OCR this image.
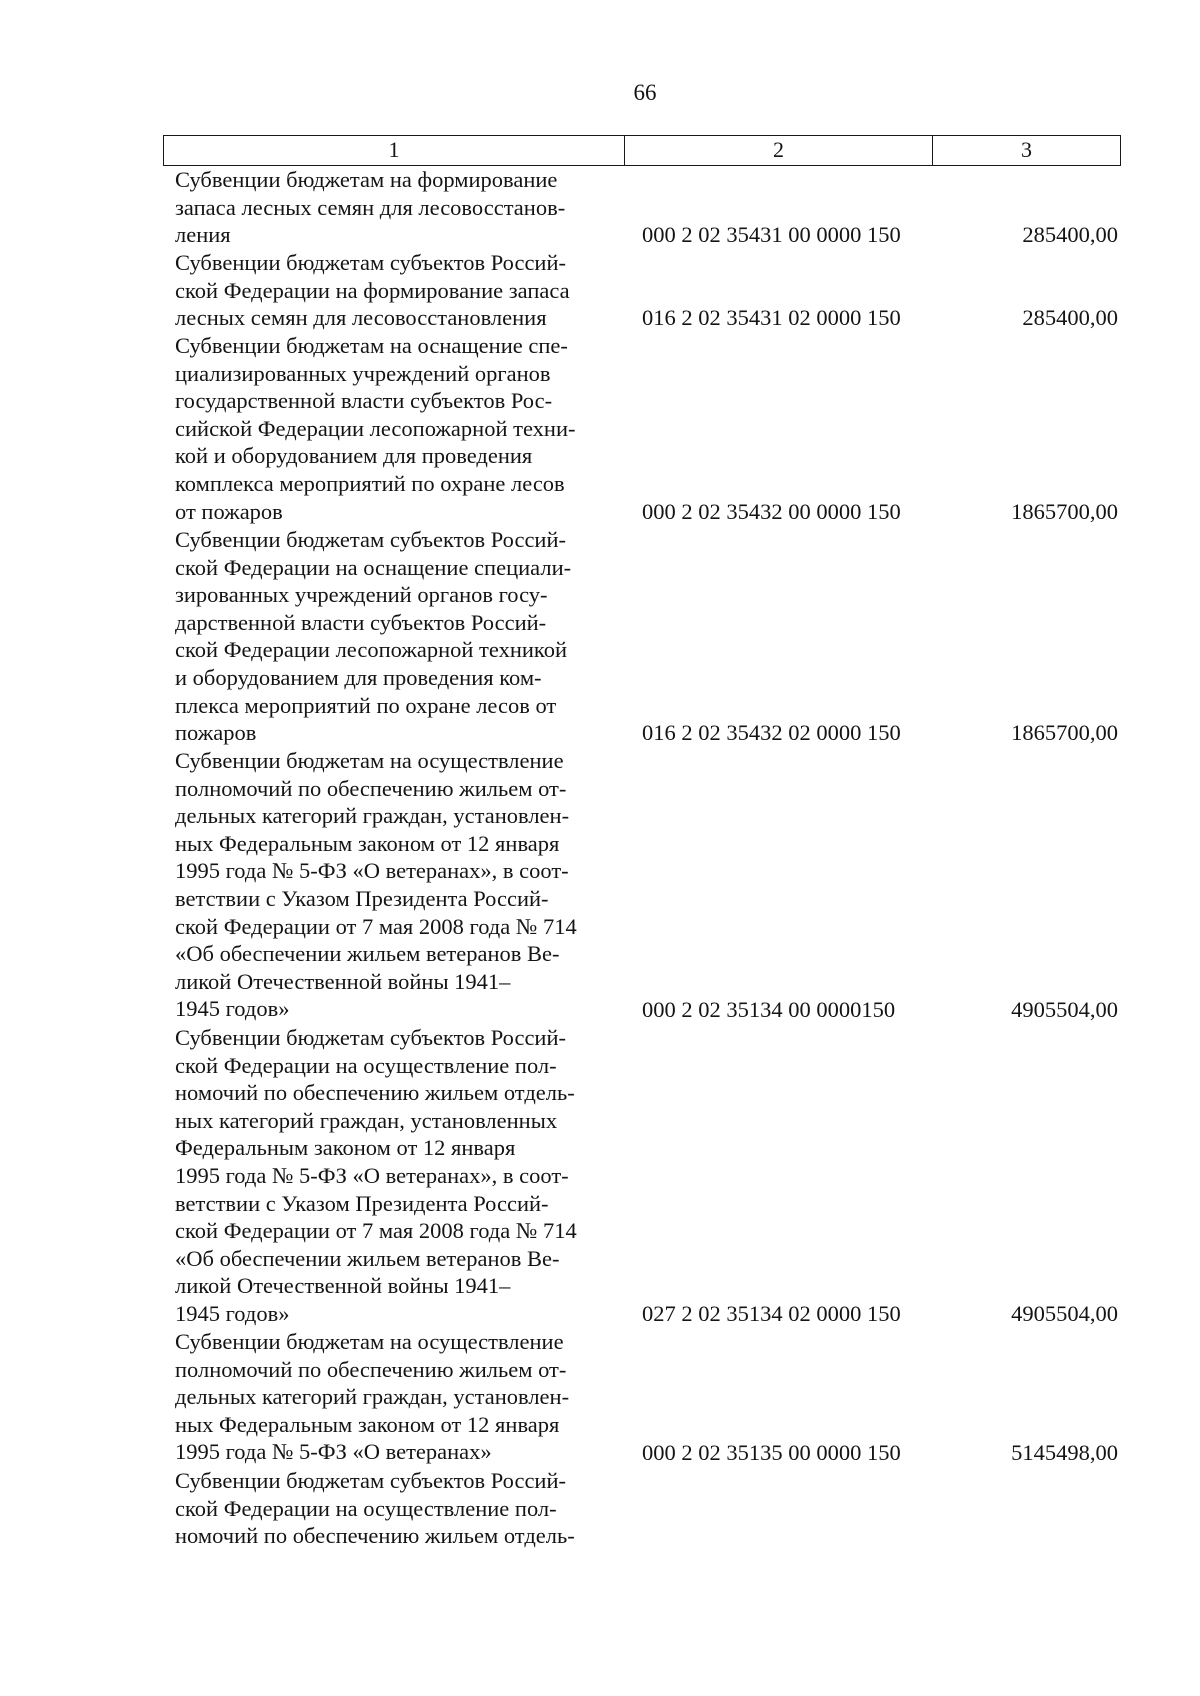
66
1	2	3
Субвенции бюджетам на формирование
запаса лесных семян для лесовосстанов-
ления	000 2 02 35431 00 0000 150	285400,00
Субвенции бюджетам субъектов Россий-
ской Федерации на формирование запаса
лесных семян для лесовосстановления	016 2 02 35431 02 0000 150	285400,00
Субвенции бюджетам на оснащение спе-
циализированных учреждений органов
государственной власти субъектов Рос-
сийской Федерации лесопожарной техни-
кой и оборудованием для проведения
комплекса мероприятий по охране лесов
от пожаров	000 2 02 35432 00 0000 150	1865700,00
Субвенции бюджетам субъектов Россий-
ской Федерации на оснащение специали-
зированных учреждений органов госу-
дарственной власти субъектов Россий-
ской Федерации лесопожарной техникой
и оборудованием для проведения ком-
плекса мероприятий по охране лесов от
пожаров	016 2 02 35432 02 0000 150	1865700,00
Субвенции бюджетам на осуществление
полномочий по обеспечению жильем от-
дельных категорий граждан, установлен-
ных Федеральным законом от 12 января
1995 года № 5-ФЗ «О ветеранах», в соот-
ветствии с Указом Президента Россий-
ской Федерации от 7 мая 2008 года № 714
«Об обеспечении жильем ветеранов Ве-
ликой Отечественной войны 1941–
1945 годов»	000 2 02 35134 00 0000150	4905504,00
Субвенции бюджетам субъектов Россий-
ской Федерации на осуществление пол-
номочий по обеспечению жильем отдель-
ных категорий граждан, установленных
Федеральным законом от 12 января
1995 года № 5-ФЗ «О ветеранах», в соот-
ветствии с Указом Президента Россий-
ской Федерации от 7 мая 2008 года № 714
«Об обеспечении жильем ветеранов Ве-
ликой Отечественной войны 1941–
1945 годов»	027 2 02 35134 02 0000 150	4905504,00
Субвенции бюджетам на осуществление
полномочий по обеспечению жильем от-
дельных категорий граждан, установлен-
ных Федеральным законом от 12 января
1995 года № 5-ФЗ «О ветеранах»	000 2 02 35135 00 0000 150	5145498,00
Субвенции бюджетам субъектов Россий-
ской Федерации на осуществление пол-
номочий по обеспечению жильем отдель-
